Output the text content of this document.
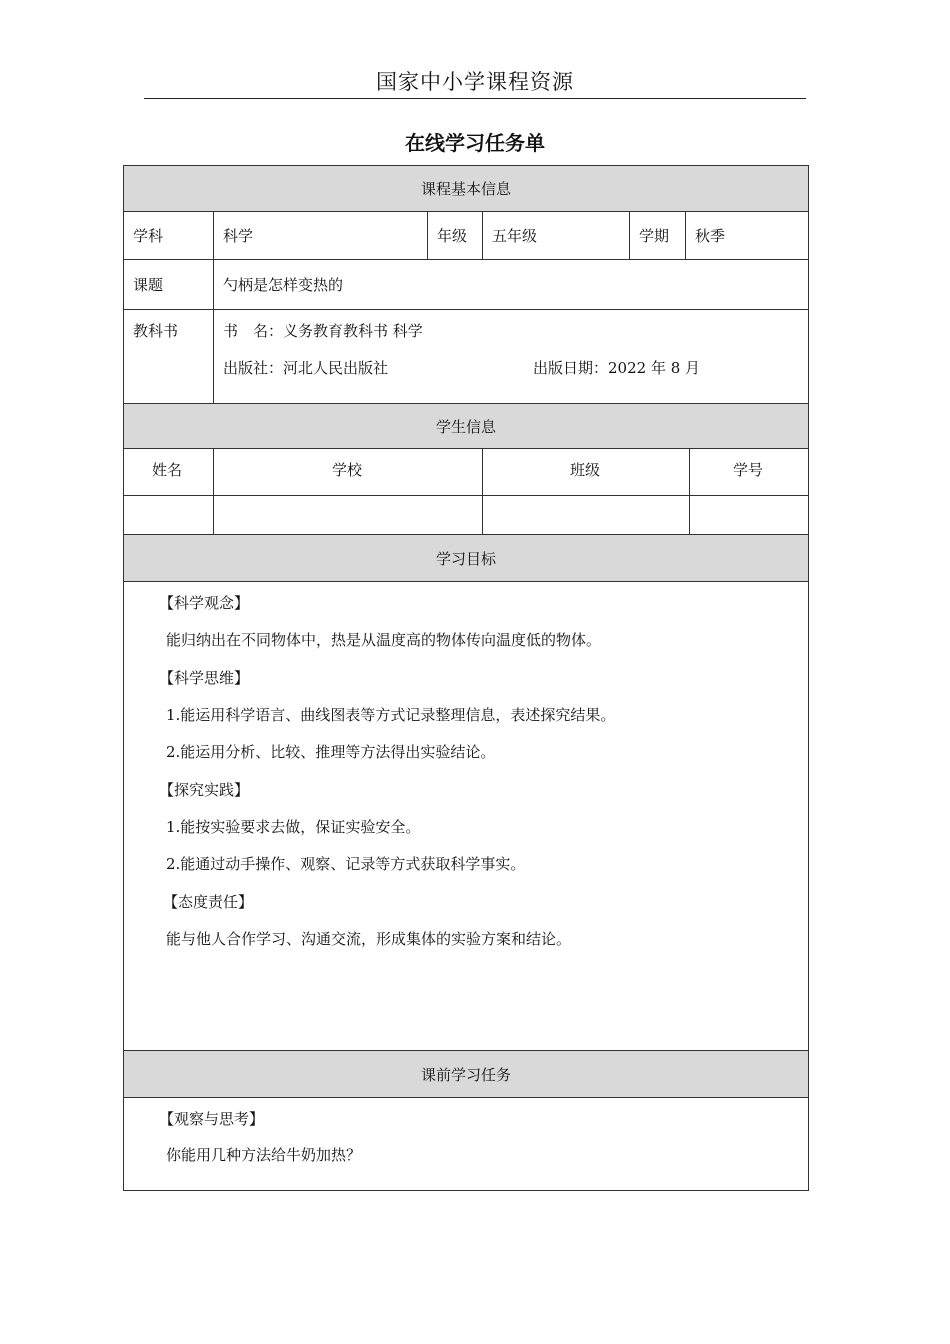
国家中小学课程资源
在线学习任务单
课程基本信息
学科	科学	年级 五年级	学期 秋季
课题	勺柄是怎样变热的
教科书	书　名：义务教育教科书 科学
出版社：河北人民出版社	出版日期：2022 年 8 月
学生信息
姓名	学校	班级	学号
学习目标
【科学观念】
能归纳出在不同物体中，热是从温度高的物体传向温度低的物体。
【科学思维】
1.能运用科学语言、曲线图表等方式记录整理信息，表述探究结果。
2.能运用分析、比较、推理等方法得出实验结论。
【探究实践】
1.能按实验要求去做，保证实验安全。
2.能通过动手操作、观察、记录等方式获取科学事实。
【态度责任】
能与他人合作学习、沟通交流，形成集体的实验方案和结论。
课前学习任务
【观察与思考】
你能用几种方法给牛奶加热？
